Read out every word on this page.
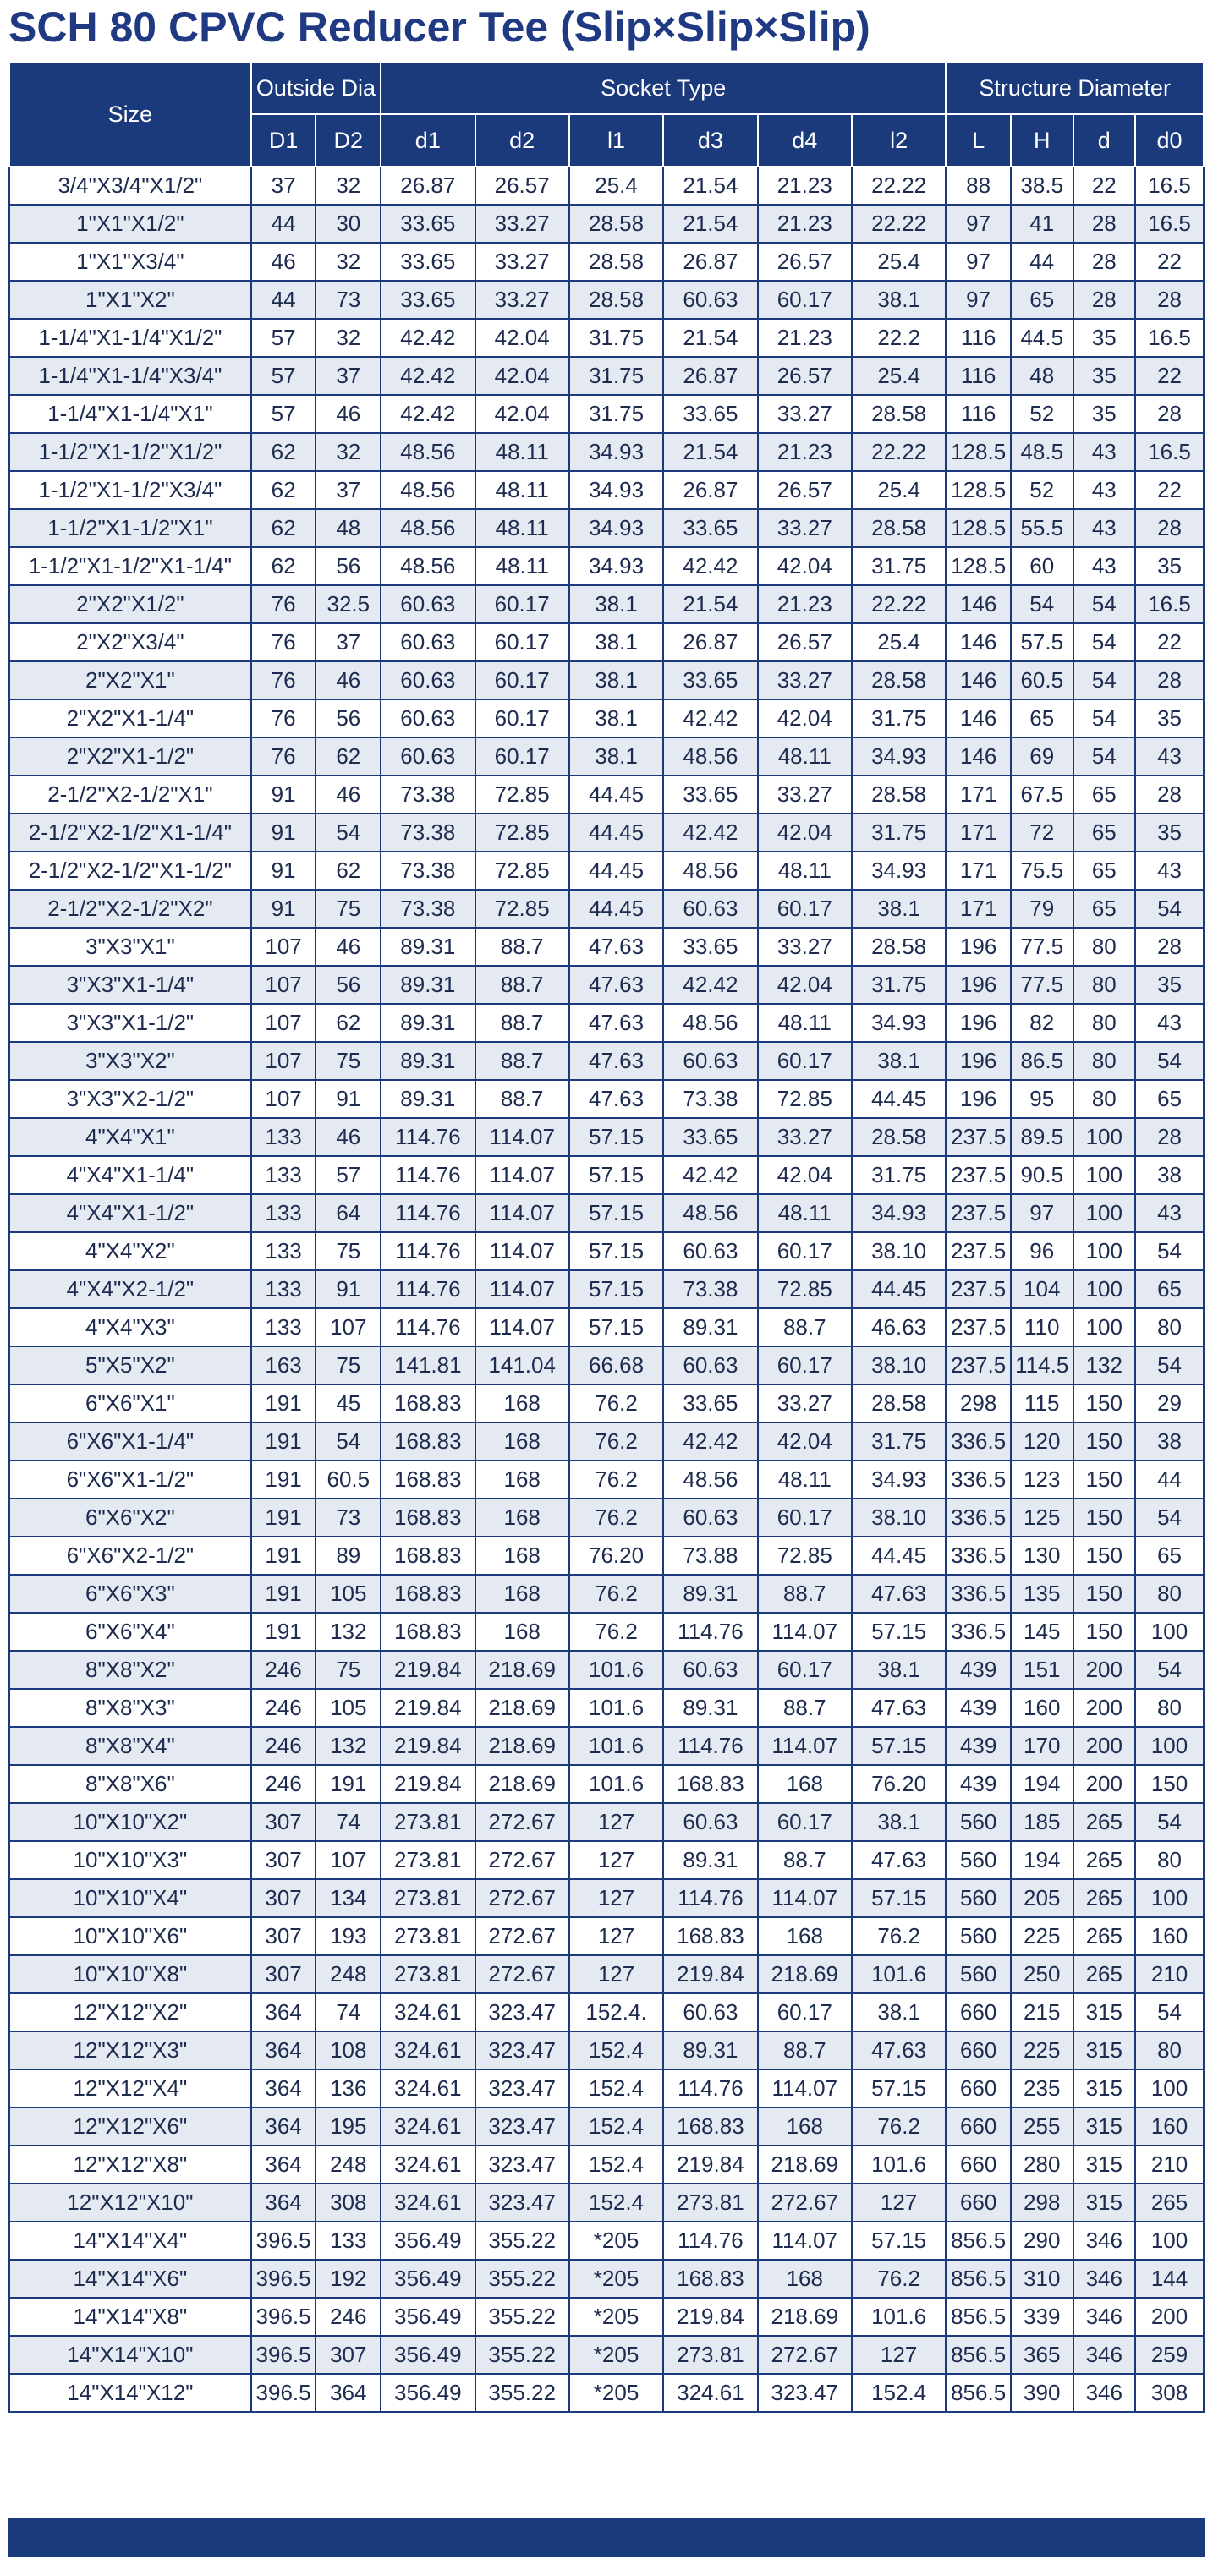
SCH 80 CPVC Reducer Tee (Slip×Slip×Slip)
Size	Outside Dia		Socket Type						Structure Diameter			
	D1	D2	d1	d2	l1	d3	d4	l2	L	H	d	d0
3/4"X3/4"X1/2"	37	32	26.87	26.57	25.4	21.54	21.23	22.22	88	38.5	22	16.5
1"X1"X1/2"	44	30	33.65	33.27	28.58	21.54	21.23	22.22	97	41	28	16.5
1"X1"X3/4"	46	32	33.65	33.27	28.58	26.87	26.57	25.4	97	44	28	22
1"X1"X2"	44	73	33.65	33.27	28.58	60.63	60.17	38.1	97	65	28	28
1-1/4"X1-1/4"X1/2"	57	32	42.42	42.04	31.75	21.54	21.23	22.2	116	44.5	35	16.5
1-1/4"X1-1/4"X3/4"	57	37	42.42	42.04	31.75	26.87	26.57	25.4	116	48	35	22
1-1/4"X1-1/4"X1"	57	46	42.42	42.04	31.75	33.65	33.27	28.58	116	52	35	28
1-1/2"X1-1/2"X1/2"	62	32	48.56	48.11	34.93	21.54	21.23	22.22	128.5	48.5	43	16.5
1-1/2"X1-1/2"X3/4"	62	37	48.56	48.11	34.93	26.87	26.57	25.4	128.5	52	43	22
1-1/2"X1-1/2"X1"	62	48	48.56	48.11	34.93	33.65	33.27	28.58	128.5	55.5	43	28
1-1/2"X1-1/2"X1-1/4"	62	56	48.56	48.11	34.93	42.42	42.04	31.75	128.5	60	43	35
2"X2"X1/2"	76	32.5	60.63	60.17	38.1	21.54	21.23	22.22	146	54	54	16.5
2"X2"X3/4"	76	37	60.63	60.17	38.1	26.87	26.57	25.4	146	57.5	54	22
2"X2"X1"	76	46	60.63	60.17	38.1	33.65	33.27	28.58	146	60.5	54	28
2"X2"X1-1/4"	76	56	60.63	60.17	38.1	42.42	42.04	31.75	146	65	54	35
2"X2"X1-1/2"	76	62	60.63	60.17	38.1	48.56	48.11	34.93	146	69	54	43
2-1/2"X2-1/2"X1"	91	46	73.38	72.85	44.45	33.65	33.27	28.58	171	67.5	65	28
2-1/2"X2-1/2"X1-1/4"	91	54	73.38	72.85	44.45	42.42	42.04	31.75	171	72	65	35
2-1/2"X2-1/2"X1-1/2"	91	62	73.38	72.85	44.45	48.56	48.11	34.93	171	75.5	65	43
2-1/2"X2-1/2"X2"	91	75	73.38	72.85	44.45	60.63	60.17	38.1	171	79	65	54
3"X3"X1"	107	46	89.31	88.7	47.63	33.65	33.27	28.58	196	77.5	80	28
3"X3"X1-1/4"	107	56	89.31	88.7	47.63	42.42	42.04	31.75	196	77.5	80	35
3"X3"X1-1/2"	107	62	89.31	88.7	47.63	48.56	48.11	34.93	196	82	80	43
3"X3"X2"	107	75	89.31	88.7	47.63	60.63	60.17	38.1	196	86.5	80	54
3"X3"X2-1/2"	107	91	89.31	88.7	47.63	73.38	72.85	44.45	196	95	80	65
4"X4"X1"	133	46	114.76	114.07	57.15	33.65	33.27	28.58	237.5	89.5	100	28
4"X4"X1-1/4"	133	57	114.76	114.07	57.15	42.42	42.04	31.75	237.5	90.5	100	38
4"X4"X1-1/2"	133	64	114.76	114.07	57.15	48.56	48.11	34.93	237.5	97	100	43
4"X4"X2"	133	75	114.76	114.07	57.15	60.63	60.17	38.10	237.5	96	100	54
4"X4"X2-1/2"	133	91	114.76	114.07	57.15	73.38	72.85	44.45	237.5	104	100	65
4"X4"X3"	133	107	114.76	114.07	57.15	89.31	88.7	46.63	237.5	110	100	80
5"X5"X2"	163	75	141.81	141.04	66.68	60.63	60.17	38.10	237.5	114.5	132	54
6"X6"X1"	191	45	168.83	168	76.2	33.65	33.27	28.58	298	115	150	29
6"X6"X1-1/4"	191	54	168.83	168	76.2	42.42	42.04	31.75	336.5	120	150	38
6"X6"X1-1/2"	191	60.5	168.83	168	76.2	48.56	48.11	34.93	336.5	123	150	44
6"X6"X2"	191	73	168.83	168	76.2	60.63	60.17	38.10	336.5	125	150	54
6"X6"X2-1/2"	191	89	168.83	168	76.20	73.88	72.85	44.45	336.5	130	150	65
6"X6"X3"	191	105	168.83	168	76.2	89.31	88.7	47.63	336.5	135	150	80
6"X6"X4"	191	132	168.83	168	76.2	114.76	114.07	57.15	336.5	145	150	100
8"X8"X2"	246	75	219.84	218.69	101.6	60.63	60.17	38.1	439	151	200	54
8"X8"X3"	246	105	219.84	218.69	101.6	89.31	88.7	47.63	439	160	200	80
8"X8"X4"	246	132	219.84	218.69	101.6	114.76	114.07	57.15	439	170	200	100
8"X8"X6"	246	191	219.84	218.69	101.6	168.83	168	76.20	439	194	200	150
10"X10"X2"	307	74	273.81	272.67	127	60.63	60.17	38.1	560	185	265	54
10"X10"X3"	307	107	273.81	272.67	127	89.31	88.7	47.63	560	194	265	80
10"X10"X4"	307	134	273.81	272.67	127	114.76	114.07	57.15	560	205	265	100
10"X10"X6"	307	193	273.81	272.67	127	168.83	168	76.2	560	225	265	160
10"X10"X8"	307	248	273.81	272.67	127	219.84	218.69	101.6	560	250	265	210
12"X12"X2"	364	74	324.61	323.47	152.4.	60.63	60.17	38.1	660	215	315	54
12"X12"X3"	364	108	324.61	323.47	152.4	89.31	88.7	47.63	660	225	315	80
12"X12"X4"	364	136	324.61	323.47	152.4	114.76	114.07	57.15	660	235	315	100
12"X12"X6"	364	195	324.61	323.47	152.4	168.83	168	76.2	660	255	315	160
12"X12"X8"	364	248	324.61	323.47	152.4	219.84	218.69	101.6	660	280	315	210
12"X12"X10"	364	308	324.61	323.47	152.4	273.81	272.67	127	660	298	315	265
14"X14"X4"	396.5	133	356.49	355.22	*205	114.76	114.07	57.15	856.5	290	346	100
14"X14"X6"	396.5	192	356.49	355.22	*205	168.83	168	76.2	856.5	310	346	144
14"X14"X8"	396.5	246	356.49	355.22	*205	219.84	218.69	101.6	856.5	339	346	200
14"X14"X10"	396.5	307	356.49	355.22	*205	273.81	272.67	127	856.5	365	346	259
14"X14"X12"	396.5	364	356.49	355.22	*205	324.61	323.47	152.4	856.5	390	346	308
